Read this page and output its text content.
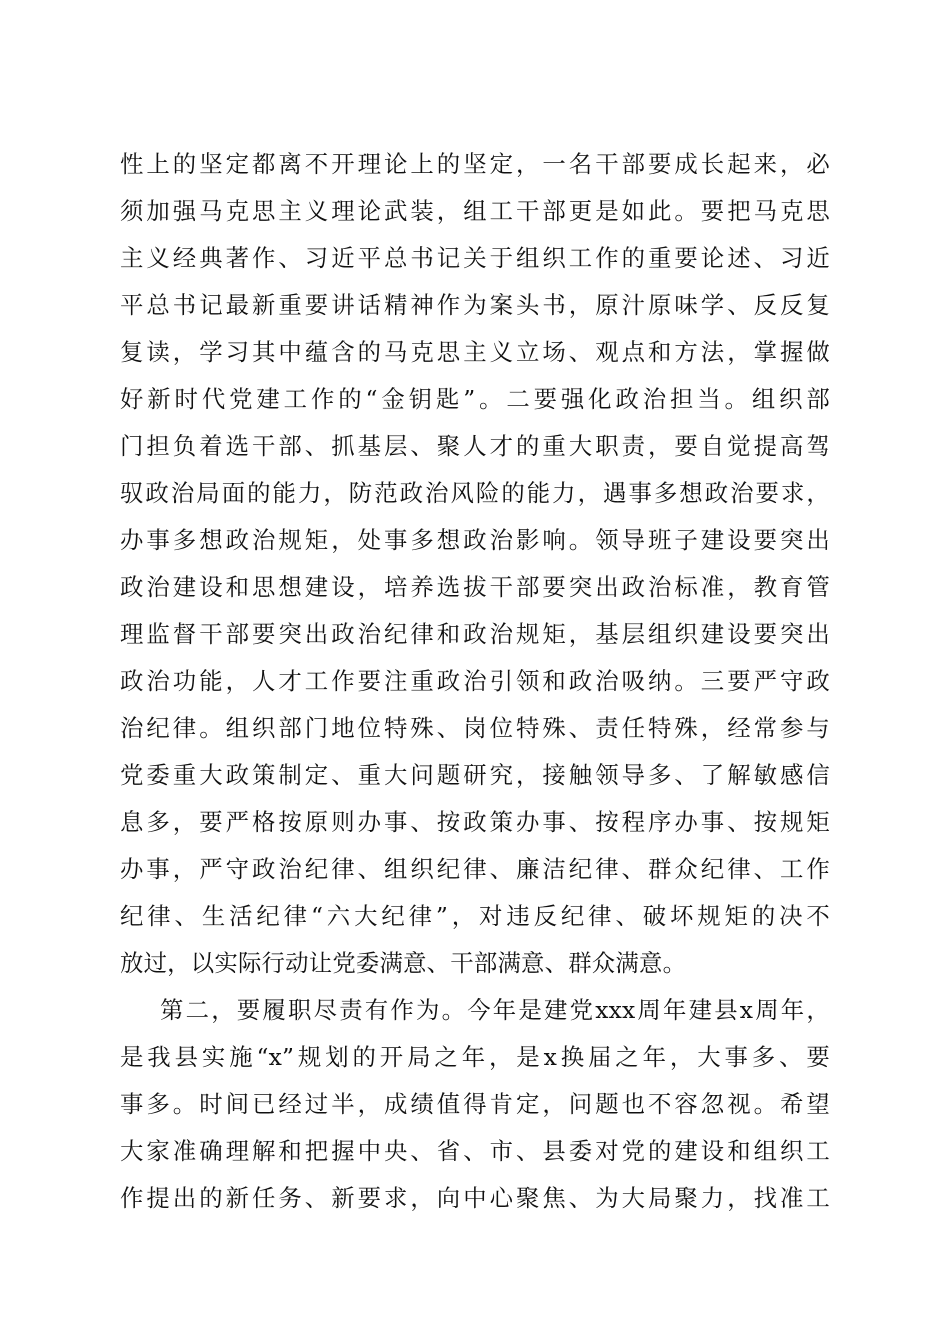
性上的坚定都离不开理论上的坚定，一名干部要成长起来，必
须加强马克思主义理论武装，组工干部更是如此。要把马克思
主义经典著作、习近平总书记关于组织工作的重要论述、习近
平总书记最新重要讲话精神作为案头书，原汁原味学、反反复
复读，学习其中蕴含的马克思主义立场、观点和方法，掌握做
好新时代党建工作的“金钥匙”。二要强化政治担当。组织部
门担负着选干部、抓基层、聚人才的重大职责，要自觉提高驾
驭政治局面的能力，防范政治风险的能力，遇事多想政治要求，
办事多想政治规矩，处事多想政治影响。领导班子建设要突出
政治建设和思想建设，培养选拔干部要突出政治标准，教育管
理监督干部要突出政治纪律和政治规矩，基层组织建设要突出
政治功能，人才工作要注重政治引领和政治吸纳。三要严守政
治纪律。组织部门地位特殊、岗位特殊、责任特殊，经常参与
党委重大政策制定、重大问题研究，接触领导多、了解敏感信
息多，要严格按原则办事、按政策办事、按程序办事、按规矩
办事，严守政治纪律、组织纪律、廉洁纪律、群众纪律、工作
纪律、生活纪律“六大纪律”，对违反纪律、破坏规矩的决不
放过，以实际行动让党委满意、干部满意、群众满意。
第二，要履职尽责有作为。今年是建党xxx周年建县x周年，
是我县实施“x”规划的开局之年，是x换届之年，大事多、要
事多。时间已经过半，成绩值得肯定，问题也不容忽视。希望
大家准确理解和把握中央、省、市、县委对党的建设和组织工
作提出的新任务、新要求，向中心聚焦、为大局聚力，找准工
